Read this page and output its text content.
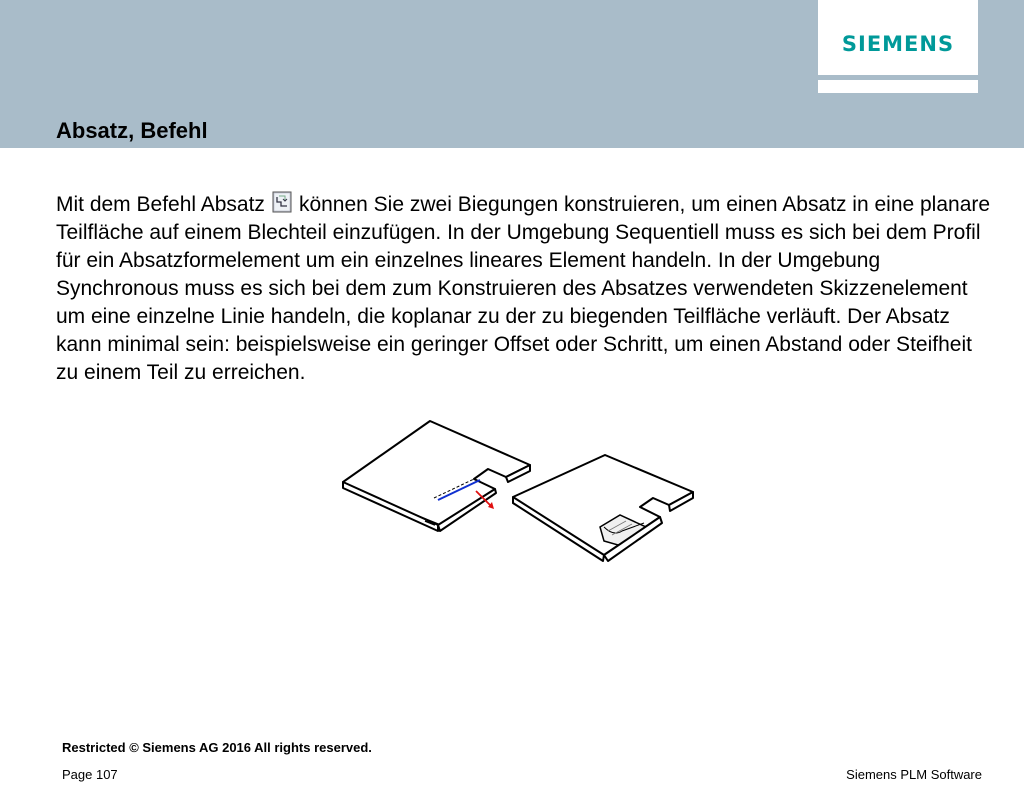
SIEMENS
Absatz, Befehl

Mit dem Befehl Absatz können Sie zwei Biegungen konstruieren, um einen Absatz in eine planare Teilfläche auf einem Blechteil einzufügen. In der Umgebung Sequentiell muss es sich bei dem Profil für ein Absatzformelement um ein einzelnes lineares Element handeln. In der Umgebung Synchronous muss es sich bei dem zum Konstruieren des Absatzes verwendeten Skizzenelement um eine einzelne Linie handeln, die koplanar zu der zu biegenden Teilfläche verläuft. Der Absatz kann minimal sein: beispielsweise ein geringer Offset oder Schritt, um einen Abstand oder Steifheit zu einem Teil zu erreichen.

Restricted © Siemens AG 2016 All rights reserved.

Page 107	Siemens PLM Software
